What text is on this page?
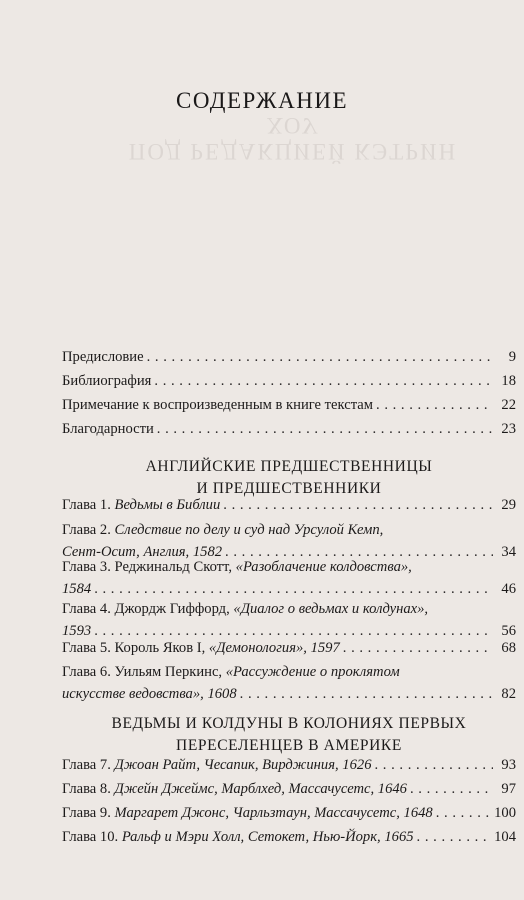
ПОД РЕДАКЦИЕЙ КЭТРИН ХОУ
СОДЕРЖАНИЕ
Предисловие . . .	9
Библиография . . .	18
Примечание к воспроизведенным в книге текстам . . .	22
Благодарности . . .	23
АНГЛИЙСКИЕ ПРЕДШЕСТВЕННИЦЫ
И ПРЕДШЕСТВЕННИКИ
Глава 1.
Ведьмы в Библии . . .	29
Глава 2.
Следствие по делу и суд над Урсулой Кемп,
Сент-Осит, Англия, 1582 . . .	34
Глава 3.
Реджинальд Скотт,
«Разоблачение колдовства»,
1584 . . .	46
Глава 4.
Джордж Гиффорд,
«Диалог о ведьмах и колдунах»,
1593 . . .	56
Глава 5.
Король Яков I,
«Демонология», 1597 . . .	68
Глава 6.
Уильям Перкинс,
«Рассуждение о проклятом
искусстве ведовства», 1608 . . .	82
ВЕДЬМЫ И КОЛДУНЫ В КОЛОНИЯХ ПЕРВЫХ
ПЕРЕСЕЛЕНЦЕВ В АМЕРИКЕ
Глава 7.
Джоан Райт, Чесапик, Вирджиния, 1626 . . .	93
Глава 8.
Джейн Джеймс, Марблхед, Массачусетс, 1646 . . .	97
Глава 9.
Маргарет Джонс, Чарльзтаун, Массачусетс, 1648 . . .	100
Глава 10.
Ральф и Мэри Холл, Сетокет, Нью-Йорк, 1665 . . .	104
